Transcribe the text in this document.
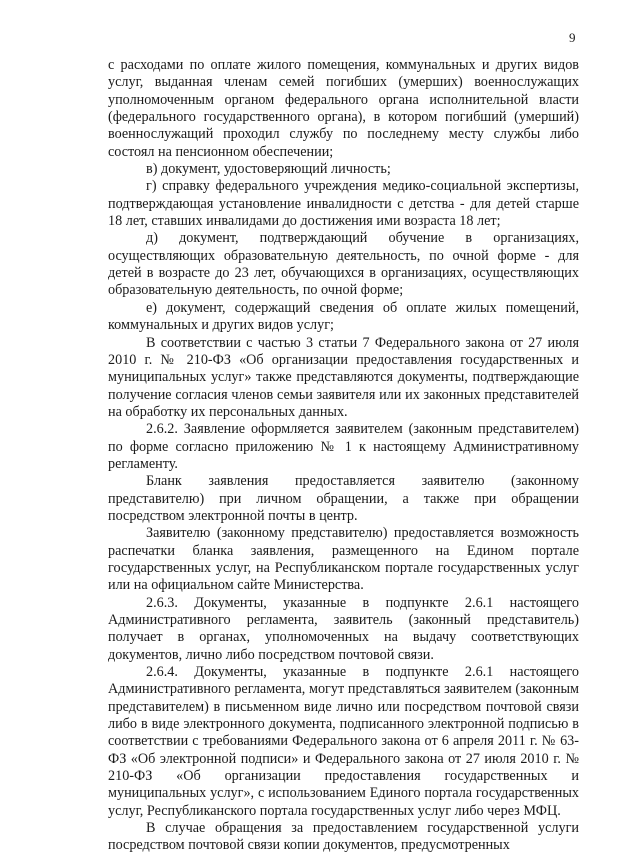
9

с расходами по оплате жилого помещения, коммунальных и других видов услуг, выданная членам семей погибших (умерших) военнослужащих уполномоченным органом федерального органа исполнительной власти (федерального государственного органа), в котором погибший (умерший) военнослужащий проходил службу по последнему месту службы либо состоял на пенсионном обеспечении;

в) документ, удостоверяющий личность;

г) справку федерального учреждения медико-социальной экспертизы, подтверждающая установление инвалидности с детства - для детей старше 18 лет, ставших инвалидами до достижения ими возраста 18 лет;

д) документ, подтверждающий обучение в организациях, осуществляющих образовательную деятельность, по очной форме - для детей в возрасте до 23 лет, обучающихся в организациях, осуществляющих образовательную деятельность, по очной форме;

е) документ, содержащий сведения об оплате жилых помещений, коммунальных и других видов услуг;

В соответствии с частью 3 статьи 7 Федерального закона от 27 июля 2010 г. № 210-ФЗ «Об организации предоставления государственных и муниципальных услуг» также представляются документы, подтверждающие получение согласия членов семьи заявителя или их законных представителей на обработку их персональных данных.

2.6.2. Заявление оформляется заявителем (законным представителем) по форме согласно приложению № 1 к настоящему Административному регламенту.

Бланк заявления предоставляется заявителю (законному представителю) при личном обращении, а также при обращении посредством электронной почты в центр.

Заявителю (законному представителю) предоставляется возможность распечатки бланка заявления, размещенного на Едином портале государственных услуг, на Республиканском портале государственных услуг или на официальном сайте Министерства.

2.6.3. Документы, указанные в подпункте 2.6.1 настоящего Административного регламента, заявитель (законный представитель) получает в органах, уполномоченных на выдачу соответствующих документов, лично либо посредством почтовой связи.

2.6.4. Документы, указанные в подпункте 2.6.1 настоящего Административного регламента, могут представляться заявителем (законным представителем) в письменном виде лично или посредством почтовой связи либо в виде электронного документа, подписанного электронной подписью в соответствии с требованиями Федерального закона от 6 апреля 2011 г. № 63-ФЗ «Об электронной подписи» и Федерального закона от 27 июля 2010 г. № 210-ФЗ «Об организации предоставления государственных и муниципальных услуг», с использованием Единого портала государственных услуг, Республиканского портала государственных услуг либо через МФЦ.

В случае обращения за предоставлением государственной услуги посредством почтовой связи копии документов, предусмотренных
